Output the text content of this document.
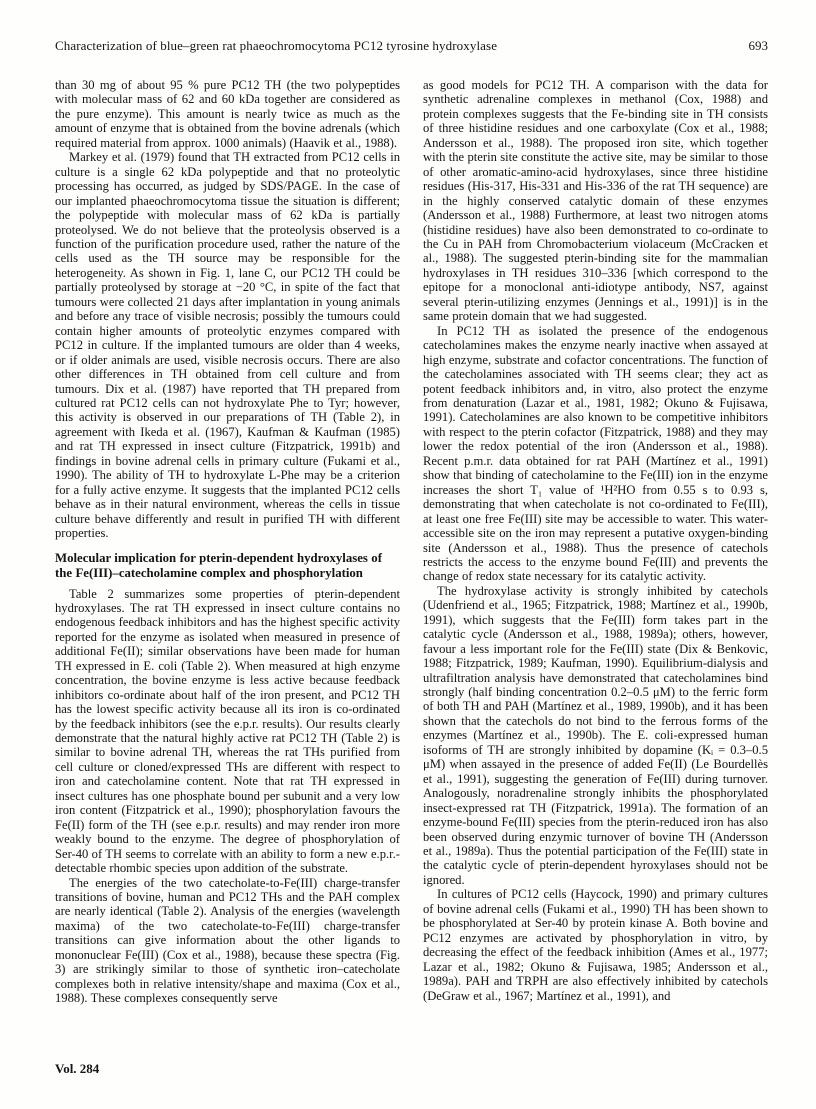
Characterization of blue–green rat phaeochromocytoma PC12 tyrosine hydroxylase	693

than 30 mg of about 95 % pure PC12 TH (the two polypeptides with molecular mass of 62 and 60 kDa together are considered as the pure enzyme). This amount is nearly twice as much as the amount of enzyme that is obtained from the bovine adrenals (which required material from approx. 1000 animals) (Haavik et al., 1988).

Markey et al. (1979) found that TH extracted from PC12 cells in culture is a single 62 kDa polypeptide and that no proteolytic processing has occurred, as judged by SDS/PAGE. In the case of our implanted phaeochromocytoma tissue the situation is different; the polypeptide with molecular mass of 62 kDa is partially proteolysed. We do not believe that the proteolysis observed is a function of the purification procedure used, rather the nature of the cells used as the TH source may be responsible for the heterogeneity. As shown in Fig. 1, lane C, our PC12 TH could be partially proteolysed by storage at −20 °C, in spite of the fact that tumours were collected 21 days after implantation in young animals and before any trace of visible necrosis; possibly the tumours could contain higher amounts of proteolytic enzymes compared with PC12 in culture. If the implanted tumours are older than 4 weeks, or if older animals are used, visible necrosis occurs. There are also other differences in TH obtained from cell culture and from tumours. Dix et al. (1987) have reported that TH prepared from cultured rat PC12 cells can not hydroxylate Phe to Tyr; however, this activity is observed in our preparations of TH (Table 2), in agreement with Ikeda et al. (1967), Kaufman & Kaufman (1985) and rat TH expressed in insect culture (Fitzpatrick, 1991b) and findings in bovine adrenal cells in primary culture (Fukami et al., 1990). The ability of TH to hydroxylate L-Phe may be a criterion for a fully active enzyme. It suggests that the implanted PC12 cells behave as in their natural environment, whereas the cells in tissue culture behave differently and result in purified TH with different properties.

Molecular implication for pterin-dependent hydroxylases of the Fe(III)–catecholamine complex and phosphorylation

Table 2 summarizes some properties of pterin-dependent hydroxylases. The rat TH expressed in insect culture contains no endogenous feedback inhibitors and has the highest specific activity reported for the enzyme as isolated when measured in presence of additional Fe(II); similar observations have been made for human TH expressed in E. coli (Table 2). When measured at high enzyme concentration, the bovine enzyme is less active because feedback inhibitors co-ordinate about half of the iron present, and PC12 TH has the lowest specific activity because all its iron is co-ordinated by the feedback inhibitors (see the e.p.r. results). Our results clearly demonstrate that the natural highly active rat PC12 TH (Table 2) is similar to bovine adrenal TH, whereas the rat THs purified from cell culture or cloned/expressed THs are different with respect to iron and catecholamine content. Note that rat TH expressed in insect cultures has one phosphate bound per subunit and a very low iron content (Fitzpatrick et al., 1990); phosphorylation favours the Fe(II) form of the TH (see e.p.r. results) and may render iron more weakly bound to the enzyme. The degree of phosphorylation of Ser-40 of TH seems to correlate with an ability to form a new e.p.r.-detectable rhombic species upon addition of the substrate.

The energies of the two catecholate-to-Fe(III) charge-transfer transitions of bovine, human and PC12 THs and the PAH complex are nearly identical (Table 2). Analysis of the energies (wavelength maxima) of the two catecholate-to-Fe(III) charge-transfer transitions can give information about the other ligands to mononuclear Fe(III) (Cox et al., 1988), because these spectra (Fig. 3) are strikingly similar to those of synthetic iron–catecholate complexes both in relative intensity/shape and maxima (Cox et al., 1988). These complexes consequently serve

as good models for PC12 TH. A comparison with the data for synthetic adrenaline complexes in methanol (Cox, 1988) and protein complexes suggests that the Fe-binding site in TH consists of three histidine residues and one carboxylate (Cox et al., 1988; Andersson et al., 1988). The proposed iron site, which together with the pterin site constitute the active site, may be similar to those of other aromatic-amino-acid hydroxylases, since three histidine residues (His-317, His-331 and His-336 of the rat TH sequence) are in the highly conserved catalytic domain of these enzymes (Andersson et al., 1988) Furthermore, at least two nitrogen atoms (histidine residues) have also been demonstrated to co-ordinate to the Cu in PAH from Chromobacterium violaceum (McCracken et al., 1988). The suggested pterin-binding site for the mammalian hydroxylases in TH residues 310–336 [which correspond to the epitope for a monoclonal anti-idiotype antibody, NS7, against several pterin-utilizing enzymes (Jennings et al., 1991)] is in the same protein domain that we had suggested.

In PC12 TH as isolated the presence of the endogenous catecholamines makes the enzyme nearly inactive when assayed at high enzyme, substrate and cofactor concentrations. The function of the catecholamines associated with TH seems clear; they act as potent feedback inhibitors and, in vitro, also protect the enzyme from denaturation (Lazar et al., 1981, 1982; Okuno & Fujisawa, 1991). Catecholamines are also known to be competitive inhibitors with respect to the pterin cofactor (Fitzpatrick, 1988) and they may lower the redox potential of the iron (Andersson et al., 1988). Recent p.m.r. data obtained for rat PAH (Martínez et al., 1991) show that binding of catecholamine to the Fe(III) ion in the enzyme increases the short T₁ value of ¹H²HO from 0.55 s to 0.93 s, demonstrating that when catecholate is not co-ordinated to Fe(III), at least one free Fe(III) site may be accessible to water. This water-accessible site on the iron may represent a putative oxygen-binding site (Andersson et al., 1988). Thus the presence of catechols restricts the access to the enzyme bound Fe(III) and prevents the change of redox state necessary for its catalytic activity.

The hydroxylase activity is strongly inhibited by catechols (Udenfriend et al., 1965; Fitzpatrick, 1988; Martínez et al., 1990b, 1991), which suggests that the Fe(III) form takes part in the catalytic cycle (Andersson et al., 1988, 1989a); others, however, favour a less important role for the Fe(III) state (Dix & Benkovic, 1988; Fitzpatrick, 1989; Kaufman, 1990). Equilibrium-dialysis and ultrafiltration analysis have demonstrated that catecholamines bind strongly (half binding concentration 0.2–0.5 μM) to the ferric form of both TH and PAH (Martínez et al., 1989, 1990b), and it has been shown that the catechols do not bind to the ferrous forms of the enzymes (Martínez et al., 1990b). The E. coli-expressed human isoforms of TH are strongly inhibited by dopamine (Kᵢ = 0.3–0.5 μM) when assayed in the presence of added Fe(II) (Le Bourdellès et al., 1991), suggesting the generation of Fe(III) during turnover. Analogously, noradrenaline strongly inhibits the phosphorylated insect-expressed rat TH (Fitzpatrick, 1991a). The formation of an enzyme-bound Fe(III) species from the pterin-reduced iron has also been observed during enzymic turnover of bovine TH (Andersson et al., 1989a). Thus the potential participation of the Fe(III) state in the catalytic cycle of pterin-dependent hyroxylases should not be ignored.

In cultures of PC12 cells (Haycock, 1990) and primary cultures of bovine adrenal cells (Fukami et al., 1990) TH has been shown to be phosphorylated at Ser-40 by protein kinase A. Both bovine and PC12 enzymes are activated by phosphorylation in vitro, by decreasing the effect of the feedback inhibition (Ames et al., 1977; Lazar et al., 1982; Okuno & Fujisawa, 1985; Andersson et al., 1989a). PAH and TRPH are also effectively inhibited by catechols (DeGraw et al., 1967; Martínez et al., 1991), and

Vol. 284
